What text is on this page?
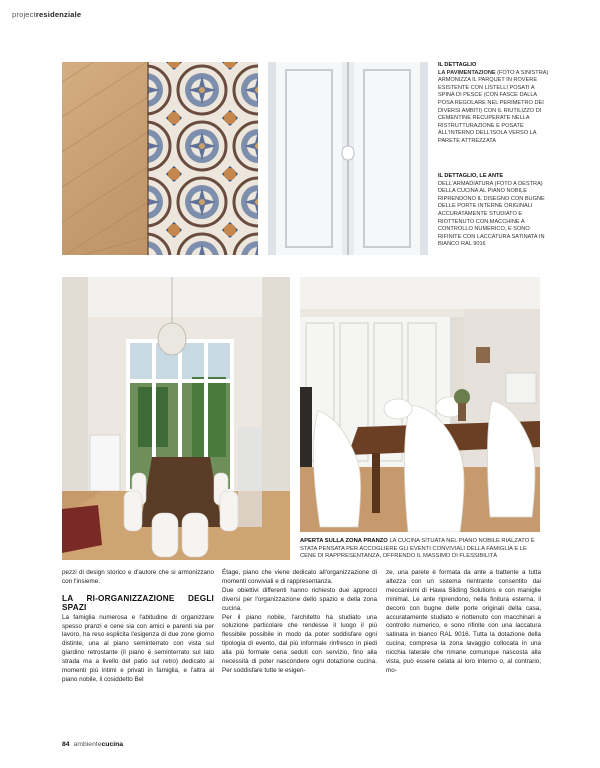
projectresidenziale
IL DETTAGLIO
LA PAVIMENTAZIONE (FOTO A SINISTRA) ARMONIZZA IL PARQUET IN ROVERE ESISTENTE CON LISTELLI POSATI A SPINA DI PESCE (CON FASCE DALLA POSA REGOLARE NEL PERIMETRO DEI DIVERSI AMBITI) CON IL RIUTILIZZO DI CEMENTINE RECUPERATE NELLA RISTRUTTURAZIONE E POSATE ALL'INTERNO DELL'ISOLA VERSO LA PARETE ATTREZZATA
IL DETTAGLIO, LE ANTE
DELL'ARMADIATURA (FOTO A DESTRA) DELLA CUCINA AL PIANO NOBILE RIPRENDONO IL DISEGNO CON BUGNE DELLE PORTE INTERNE ORIGINALI ACCURATAMENTE STUDIATO E RIOTTENUTO CON MACCHINE A CONTROLLO NUMERICO, E SONO RIFINITE CON LACCATURA SATINATA IN BIANCO RAL 9016
APERTA SULLA ZONA PRANZO LA CUCINA SITUATA NEL PIANO NOBILE RIALZATO È STATA PENSATA PER ACCOGLIERE GLI EVENTI CONVIVIALI DELLA FAMIGLIA E LE CENE DI RAPPRESENTANZA, OFFRENDO IL MASSIMO DI FLESSIBILITÀ

pezzi di design storico e d'autore che si armonizzano con l'insieme.

LA RI-ORGANIZZAZIONE DEGLI SPAZI

La famiglia numerosa e l'abitudine di organizzare spesso pranzi e cene sia con amici e parenti sia per lavoro, ha reso esplicita l'esigenza di due zone giorno distinte, una al piano seminterrato con vista sul giardino retrostante (il piano è seminterrato sul lato strada ma a livello del patio sul retro) dedicato ai momenti più intimi e privati in famiglia, e l'altra al piano nobile, il cosiddetto Bel

Étage, piano che viene dedicato all'organizzazione di momenti conviviali e di rappresentanza.

Due obiettivi differenti hanno richiesto due approcci diversi per l'organizzazione dello spazio e della zona cucina.

Per il piano nobile, l'architetto ha studiato una soluzione particolare che rendesse il luogo il più flessibile possibile in modo da poter soddisfare ogni tipologia di evento, dal più informale rinfresco in piedi alla più formale cena seduti con servizio, fino alla necessità di poter nascondere ogni dotazione cucina. Per soddisfare tutte le esigen-

ze, una parete è formata da ante a battente a tutta altezza con un sistema rientrante consentito dai meccanismi di Hawa Sliding Solutions e con maniglie minimal. Le ante riprendono, nella finitura esterna, il decoro con bugne delle porte originali della casa, accuratamente studiato e riottenuto con macchinari a controllo numerico, e sono rifinite con una laccatura satinata in bianco RAL 9016. Tutta la dotazione della cucina, compresa la zona lavaggio collocata in una nicchia laterale che rimane comunque nascosta alla vista, può essere celata al loro interno o, al contrario, mo-

84 ambientecucina
